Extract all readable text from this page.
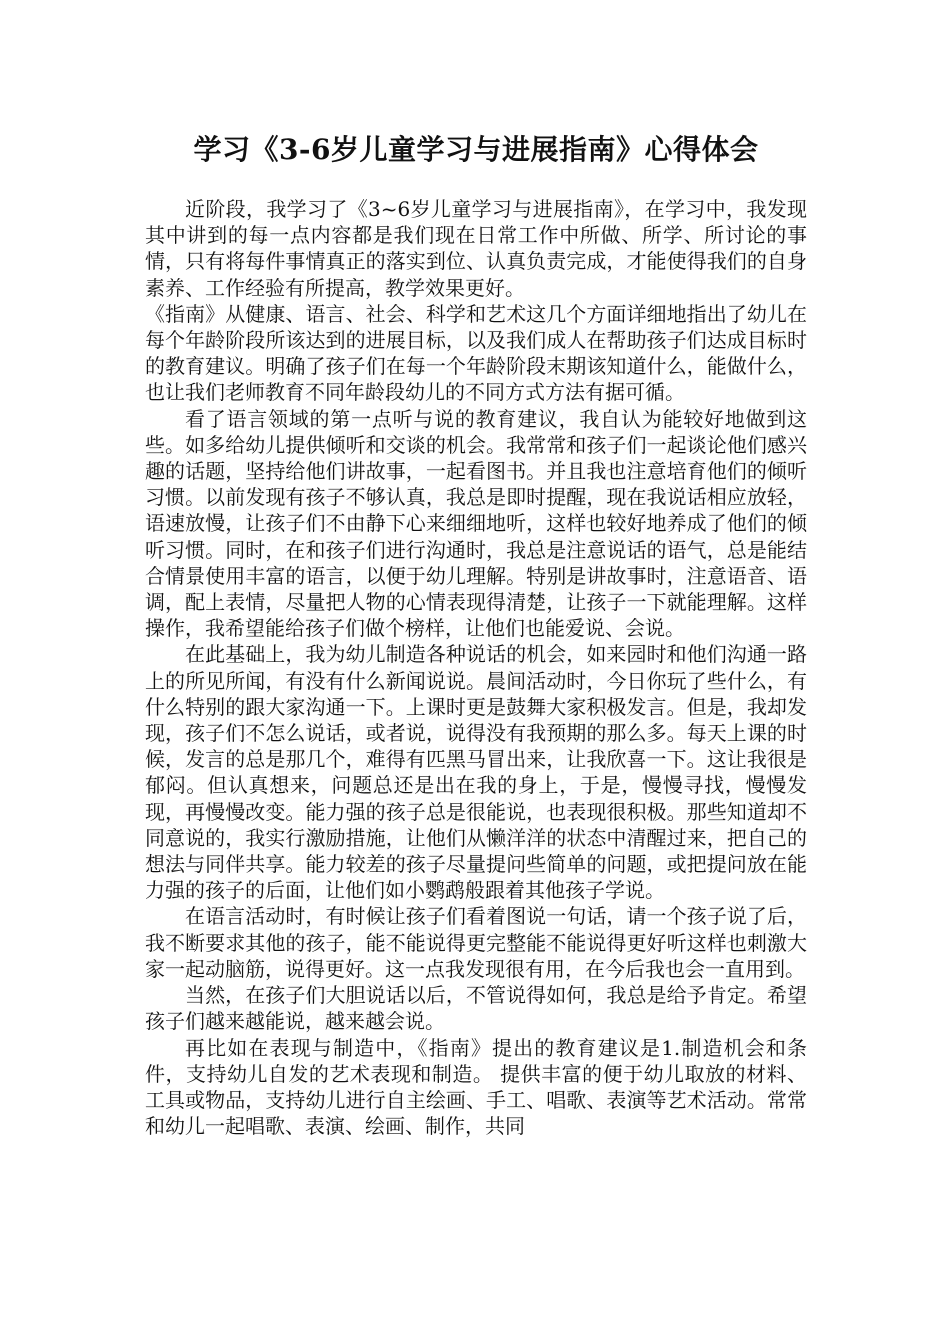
学习《3-6岁儿童学习与进展指南》心得体会

近阶段，我学习了《3~6岁儿童学习与进展指南》，在学习中，我发现其中讲到的每一点内容都是我们现在日常工作中所做、所学、所讨论的事情，只有将每件事情真正的落实到位、认真负责完成，才能使得我们的自身素养、工作经验有所提高，教学效果更好。

《指南》从健康、语言、社会、科学和艺术这几个方面详细地指出了幼儿在每个年龄阶段所该达到的进展目标，以及我们成人在帮助孩子们达成目标时的教育建议。明确了孩子们在每一个年龄阶段末期该知道什么，能做什么，也让我们老师教育不同年龄段幼儿的不同方式方法有据可循。

看了语言领域的第一点听与说的教育建议，我自认为能较好地做到这些。如多给幼儿提供倾听和交谈的机会。我常常和孩子们一起谈论他们感兴趣的话题，坚持给他们讲故事，一起看图书。并且我也注意培育他们的倾听习惯。以前发现有孩子不够认真，我总是即时提醒，现在我说话相应放轻，语速放慢，让孩子们不由静下心来细细地听，这样也较好地养成了他们的倾听习惯。同时，在和孩子们进行沟通时，我总是注意说话的语气，总是能结合情景使用丰富的语言，以便于幼儿理解。特别是讲故事时，注意语音、语调，配上表情，尽量把人物的心情表现得清楚，让孩子一下就能理解。这样操作，我希望能给孩子们做个榜样，让他们也能爱说、会说。

在此基础上，我为幼儿制造各种说话的机会，如来园时和他们沟通一路上的所见所闻，有没有什么新闻说说。晨间活动时，今日你玩了些什么，有什么特别的跟大家沟通一下。上课时更是鼓舞大家积极发言。但是，我却发现，孩子们不怎么说话，或者说，说得没有我预期的那么多。每天上课的时候，发言的总是那几个，难得有匹黑马冒出来，让我欣喜一下。这让我很是郁闷。但认真想来，问题总还是出在我的身上，于是，慢慢寻找，慢慢发现，再慢慢改变。能力强的孩子总是很能说，也表现很积极。那些知道却不同意说的，我实行激励措施，让他们从懒洋洋的状态中清醒过来，把自己的想法与同伴共享。能力较差的孩子尽量提问些简单的问题，或把提问放在能力强的孩子的后面，让他们如小鹦鹉般跟着其他孩子学说。

在语言活动时，有时候让孩子们看着图说一句话，请一个孩子说了后，我不断要求其他的孩子，能不能说得更完整能不能说得更好听这样也刺激大家一起动脑筋，说得更好。这一点我发现很有用，在今后我也会一直用到。

当然，在孩子们大胆说话以后，不管说得如何，我总是给予肯定。希望孩子们越来越能说，越来越会说。

再比如在表现与制造中，《指南》提出的教育建议是1.制造机会和条件，支持幼儿自发的艺术表现和制造。 提供丰富的便于幼儿取放的材料、工具或物品，支持幼儿进行自主绘画、手工、唱歌、表演等艺术活动。常常和幼儿一起唱歌、表演、绘画、制作，共同
